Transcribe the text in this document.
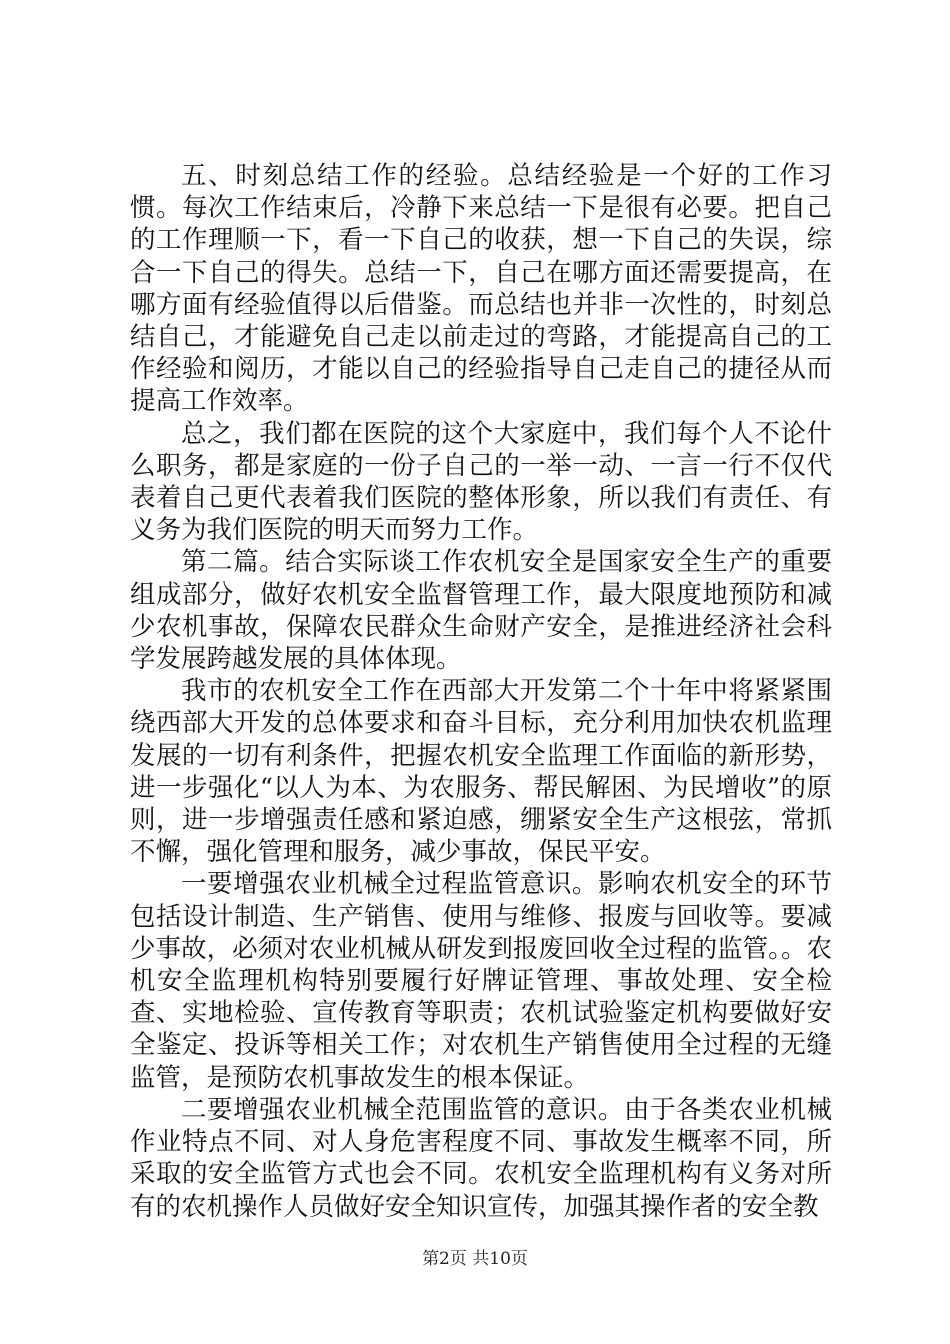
五、时刻总结工作的经验。总结经验是一个好的工作习惯。每次工作结束后，冷静下来总结一下是很有必要。把自己的工作理顺一下，看一下自己的收获，想一下自己的失误，综合一下自己的得失。总结一下，自己在哪方面还需要提高，在哪方面有经验值得以后借鉴。而总结也并非一次性的，时刻总结自己，才能避免自己走以前走过的弯路，才能提高自己的工作经验和阅历，才能以自己的经验指导自己走自己的捷径从而提高工作效率。

总之，我们都在医院的这个大家庭中，我们每个人不论什么职务，都是家庭的一份子自己的一举一动、一言一行不仅代表着自己更代表着我们医院的整体形象，所以我们有责任、有义务为我们医院的明天而努力工作。

第二篇。结合实际谈工作农机安全是国家安全生产的重要组成部分，做好农机安全监督管理工作，最大限度地预防和减少农机事故，保障农民群众生命财产安全，是推进经济社会科学发展跨越发展的具体体现。

我市的农机安全工作在西部大开发第二个十年中将紧紧围绕西部大开发的总体要求和奋斗目标，充分利用加快农机监理发展的一切有利条件，把握农机安全监理工作面临的新形势，进一步强化“以人为本、为农服务、帮民解困、为民增收”的原则，进一步增强责任感和紧迫感，绷紧安全生产这根弦，常抓不懈，强化管理和服务，减少事故，保民平安。

一要增强农业机械全过程监管意识。影响农机安全的环节包括设计制造、生产销售、使用与维修、报废与回收等。要减少事故，必须对农业机械从研发到报废回收全过程的监管。。农机安全监理机构特别要履行好牌证管理、事故处理、安全检查、实地检验、宣传教育等职责；农机试验鉴定机构要做好安全鉴定、投诉等相关工作；对农机生产销售使用全过程的无缝监管，是预防农机事故发生的根本保证。

二要增强农业机械全范围监管的意识。由于各类农业机械作业特点不同、对人身危害程度不同、事故发生概率不同，所采取的安全监管方式也会不同。农机安全监理机构有义务对所有的农机操作人员做好安全知识宣传，加强其操作者的安全教

第2页 共10页
